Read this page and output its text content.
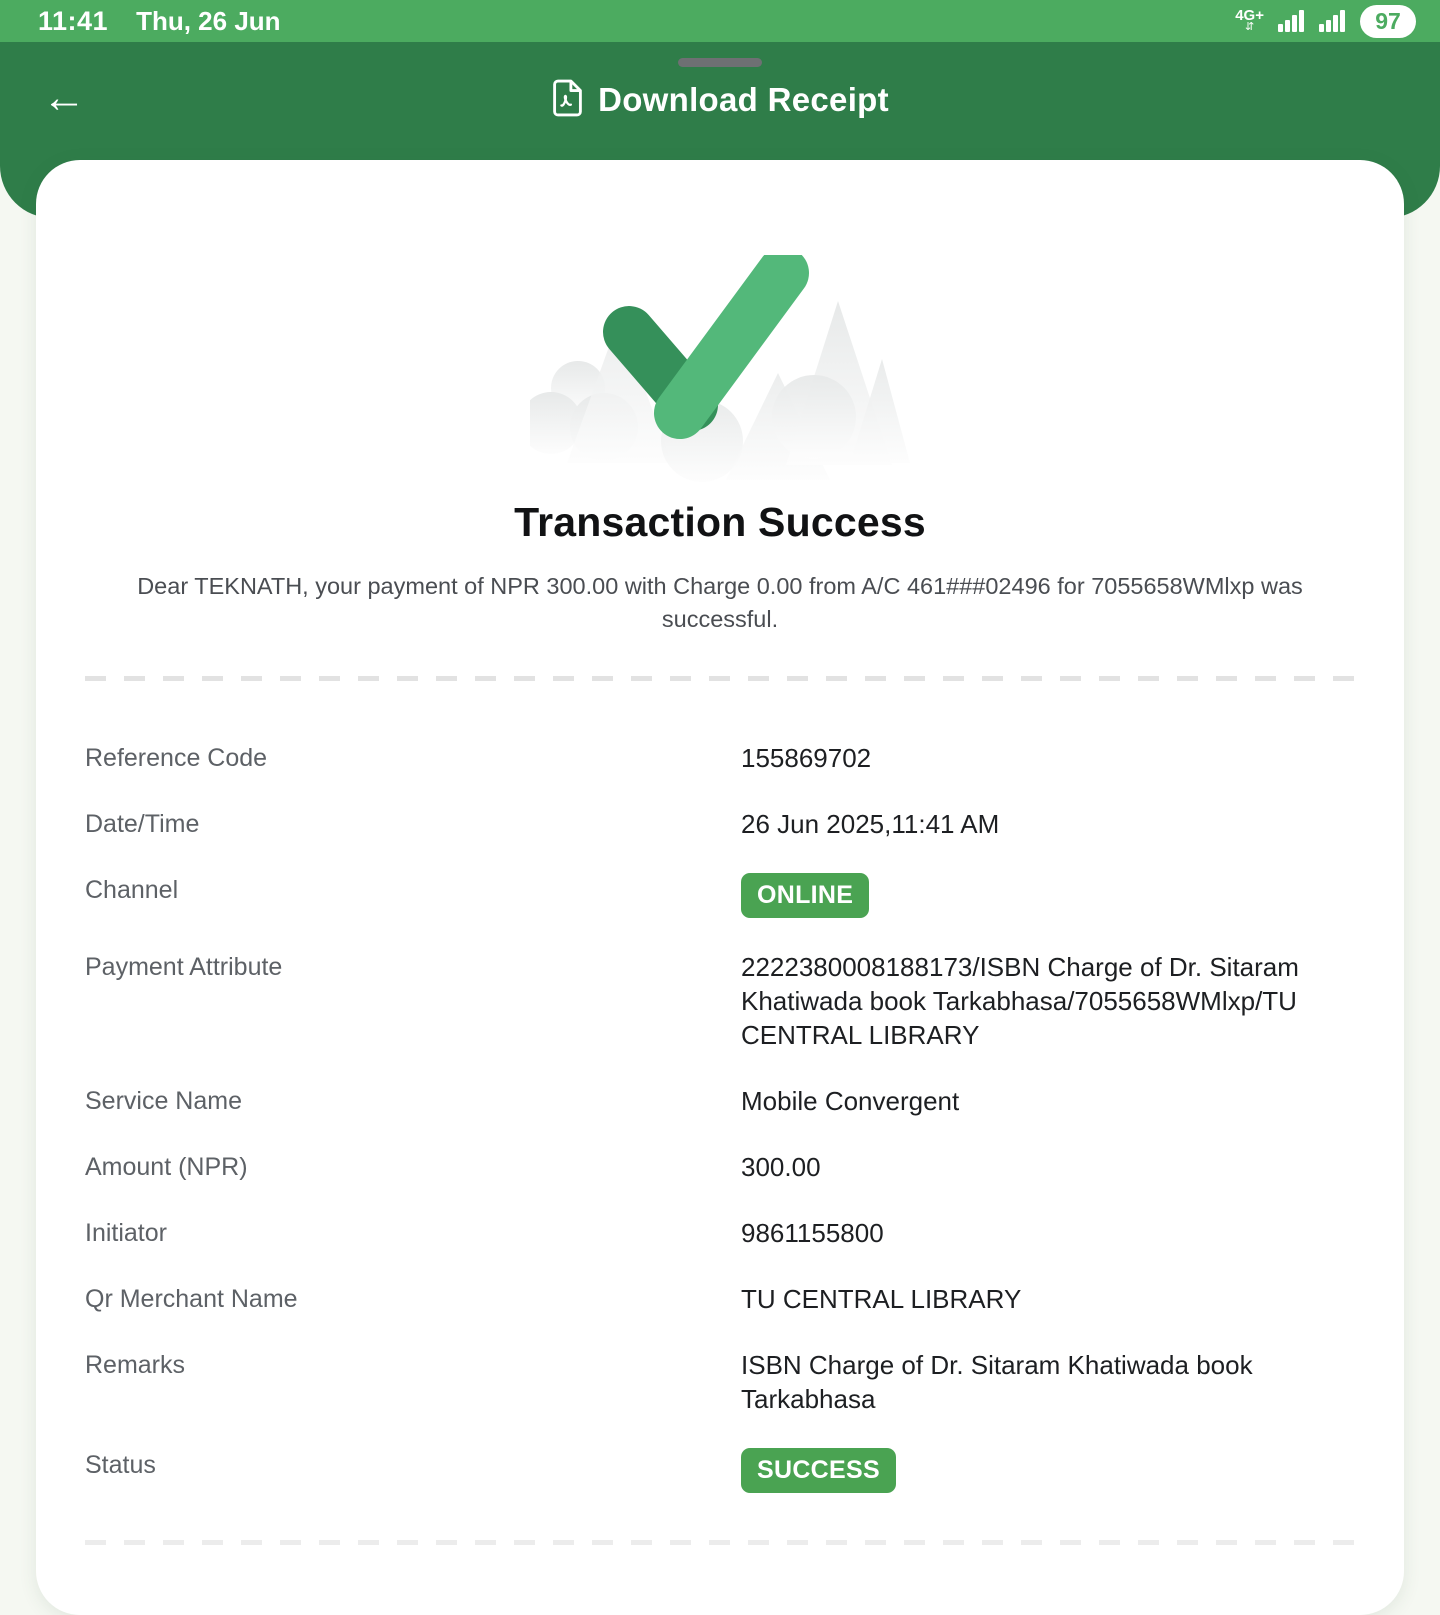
11:41 Thu, 26 Jun	4G+
⇵	97
←	Download Receipt
Transaction Success

Dear TEKNATH, your payment of NPR 300.00 with Charge 0.00 from A/C 461###02496 for 7055658WMlxp was successful.

Reference Code	155869702
Date/Time	26 Jun 2025,11:41 AM
Channel	ONLINE
Payment Attribute	2222380008188173/ISBN Charge of Dr. Sitaram Khatiwada book Tarkabhasa/7055658WMlxp/TU CENTRAL LIBRARY
Service Name	Mobile Convergent
Amount (NPR)	300.00
Initiator	9861155800
Qr Merchant Name	TU CENTRAL LIBRARY
Remarks	ISBN Charge of Dr. Sitaram Khatiwada book Tarkabhasa
Status	SUCCESS
